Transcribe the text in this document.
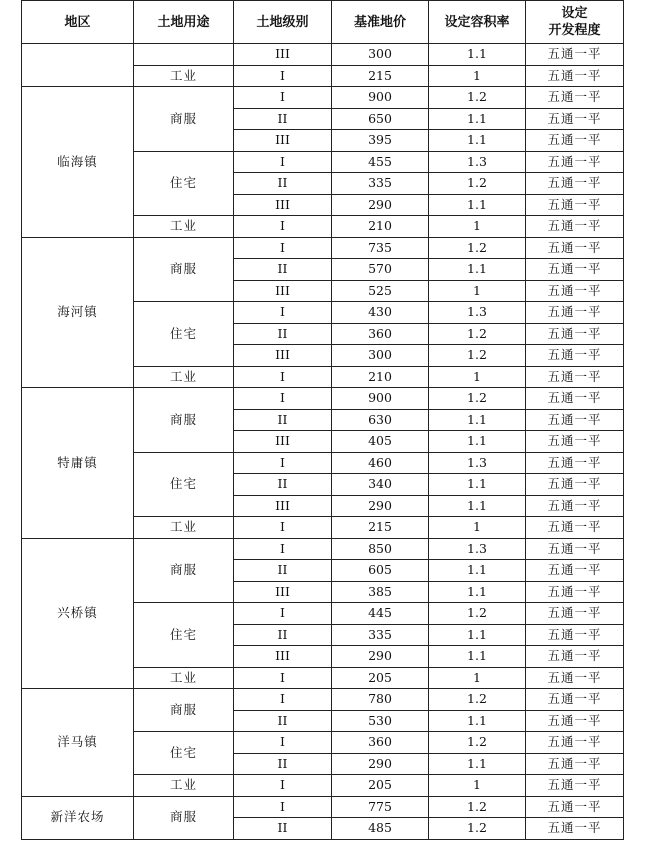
地区	土地用途	土地级别	基准地价	设定容积率	设定
开发程度

		III	300	1.1	五通一平
	工业	I	215	1	五通一平
临海镇	商服	I	900	1.2	五通一平
		II	650	1.1	五通一平
		III	395	1.1	五通一平
	住宅	I	455	1.3	五通一平
		II	335	1.2	五通一平
		III	290	1.1	五通一平
	工业	I	210	1	五通一平
海河镇	商服	I	735	1.2	五通一平
		II	570	1.1	五通一平
		III	525	1	五通一平
	住宅	I	430	1.3	五通一平
		II	360	1.2	五通一平
		III	300	1.2	五通一平
	工业	I	210	1	五通一平
特庸镇	商服	I	900	1.2	五通一平
		II	630	1.1	五通一平
		III	405	1.1	五通一平
	住宅	I	460	1.3	五通一平
		II	340	1.1	五通一平
		III	290	1.1	五通一平
	工业	I	215	1	五通一平
兴桥镇	商服	I	850	1.3	五通一平
		II	605	1.1	五通一平
		III	385	1.1	五通一平
	住宅	I	445	1.2	五通一平
		II	335	1.1	五通一平
		III	290	1.1	五通一平
	工业	I	205	1	五通一平
洋马镇	商服	I	780	1.2	五通一平
		II	530	1.1	五通一平
	住宅	I	360	1.2	五通一平
		II	290	1.1	五通一平
	工业	I	205	1	五通一平
新洋农场	商服	I	775	1.2	五通一平
		II	485	1.2	五通一平
